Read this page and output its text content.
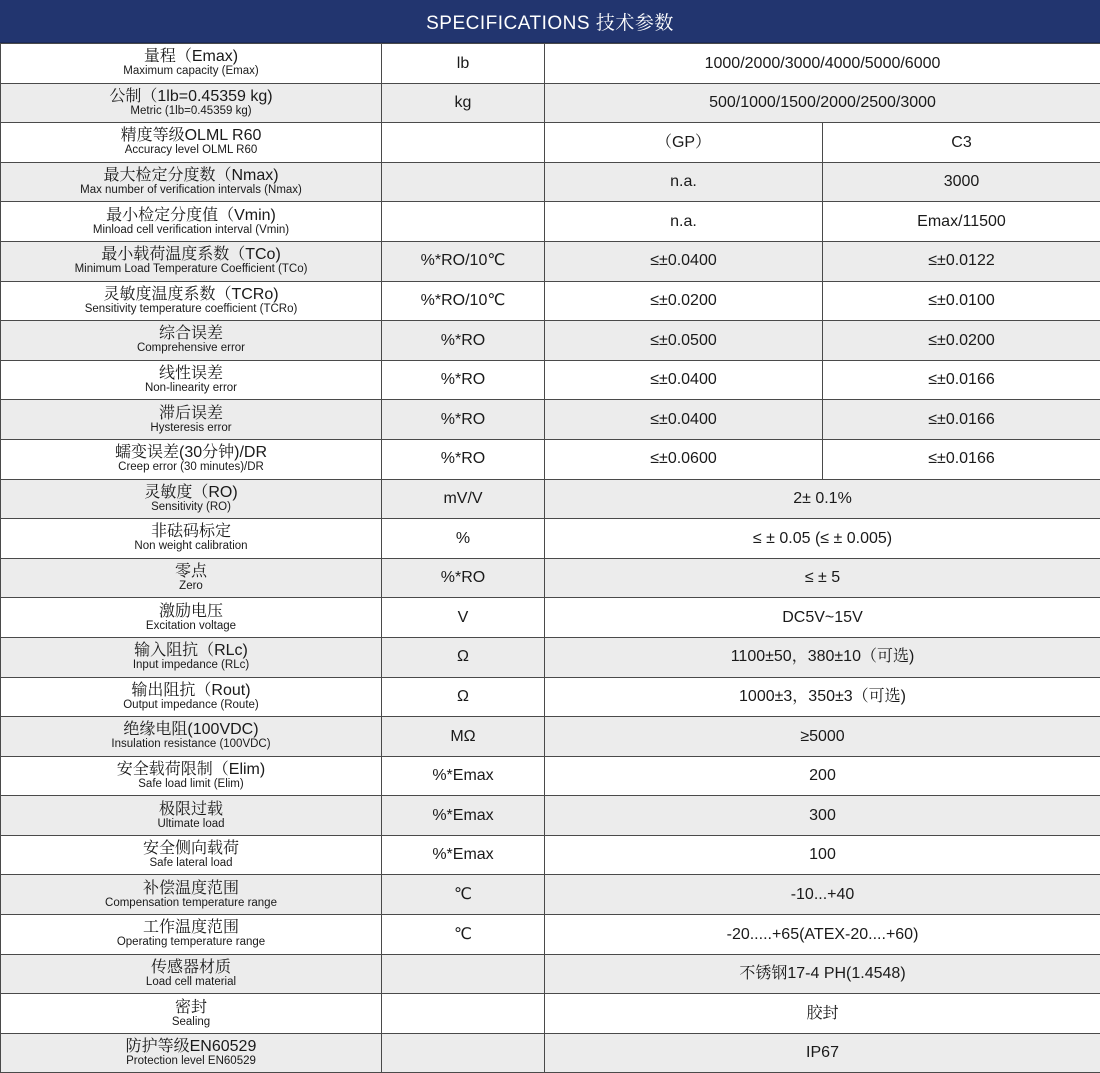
SPECIFICATIONS 技术参数
量程（Emax)
Maximum capacity (Emax)	lb	1000/2000/3000/4000/5000/6000	

公制（1lb=0.45359 kg)
Metric (1lb=0.45359 kg)	kg	500/1000/1500/2000/2500/3000	

精度等级OLML R60
Accuracy level OLML R60		（GP）	C3

最大检定分度数（Nmax)
Max number of verification intervals (Nmax)		n.a.	3000

最小检定分度值（Vmin)
Minload cell verification interval (Vmin)		n.a.	Emax/11500

最小载荷温度系数（TCo)
Minimum Load Temperature Coefficient (TCo)	%*RO/10℃	≤±0.0400	≤±0.0122

灵敏度温度系数（TCRo)
Sensitivity temperature coefficient (TCRo)	%*RO/10℃	≤±0.0200	≤±0.0100

综合误差
Comprehensive error	%*RO	≤±0.0500	≤±0.0200

线性误差
Non-linearity error	%*RO	≤±0.0400	≤±0.0166

滞后误差
Hysteresis error	%*RO	≤±0.0400	≤±0.0166

蠕变误差(30分钟)/DR
Creep error (30 minutes)/DR	%*RO	≤±0.0600	≤±0.0166

灵敏度（RO)
Sensitivity (RO)	mV/V	2± 0.1%	

非砝码标定
Non weight calibration	%	≤ ± 0.05 (≤ ± 0.005)	

零点
Zero	%*RO	≤ ± 5	

激励电压
Excitation voltage	V	DC5V~15V	

输入阻抗（RLc)
Input impedance (RLc)	Ω	1100±50，380±10（可选)	

输出阻抗（Rout)
Output impedance (Route)	Ω	1000±3，350±3（可选)	

绝缘电阻(100VDC)
Insulation resistance (100VDC)	MΩ	≥5000	

安全载荷限制（Elim)
Safe load limit (Elim)	%*Emax	200	

极限过载
Ultimate load	%*Emax	300	

安全侧向载荷
Safe lateral load	%*Emax	100	

补偿温度范围
Compensation temperature range	℃	-10...+40	

工作温度范围
Operating temperature range	℃	-20.....+65(ATEX-20....+60)	

传感器材质
Load cell material		不锈钢17-4 PH(1.4548)	

密封
Sealing		胶封	

防护等级EN60529
Protection level EN60529		IP67	
